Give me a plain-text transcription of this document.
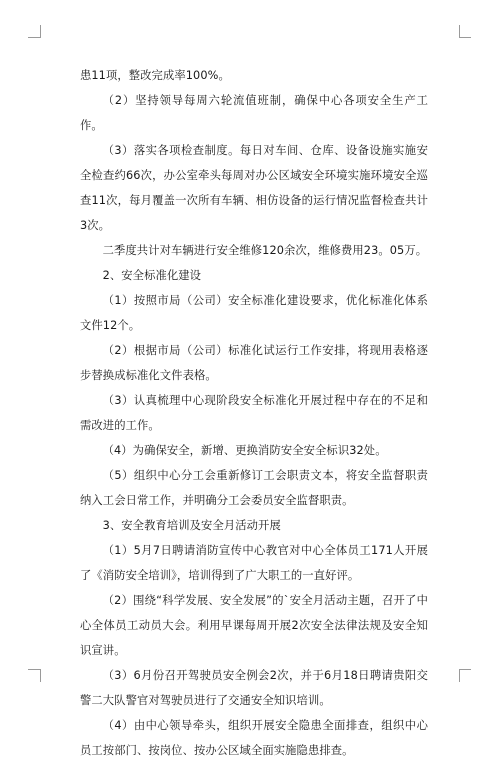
患11项，整改完成率100%。

（2）坚持领导每周六轮流值班制，确保中心各项安全生产工作。

（3）落实各项检查制度。每日对车间、仓库、设备设施实施安全检查约66次，办公室牵头每周对办公区域安全环境实施环境安全巡查11次，每月覆盖一次所有车辆、相仿设备的运行情况监督检查共计3次。

二季度共计对车辆进行安全维修120余次，维修费用23。05万。

2、安全标准化建设

（1）按照市局（公司）安全标准化建设要求，优化标准化体系文件12个。

（2）根据市局（公司）标准化试运行工作安排，将现用表格逐步替换成标准化文件表格。

（3）认真梳理中心现阶段安全标准化开展过程中存在的不足和需改进的工作。

（4）为确保安全，新增、更换消防安全安全标识32处。

（5）组织中心分工会重新修订工会职责文本，将安全监督职责纳入工会日常工作，并明确分工会委员安全监督职责。

3、安全教育培训及安全月活动开展

（1）5月7日聘请消防宣传中心教官对中心全体员工171人开展了《消防安全培训》，培训得到了广大职工的一直好评。

（2）围绕“科学发展、安全发展”的`安全月活动主题，召开了中心全体员工动员大会。利用早课每周开展2次安全法律法规及安全知识宣讲。

（3）6月份召开驾驶员安全例会2次，并于6月18日聘请贵阳交警二大队警官对驾驶员进行了交通安全知识培训。

（4）由中心领导牵头，组织开展安全隐患全面排查，组织中心员工按部门、按岗位、按办公区域全面实施隐患排查。
